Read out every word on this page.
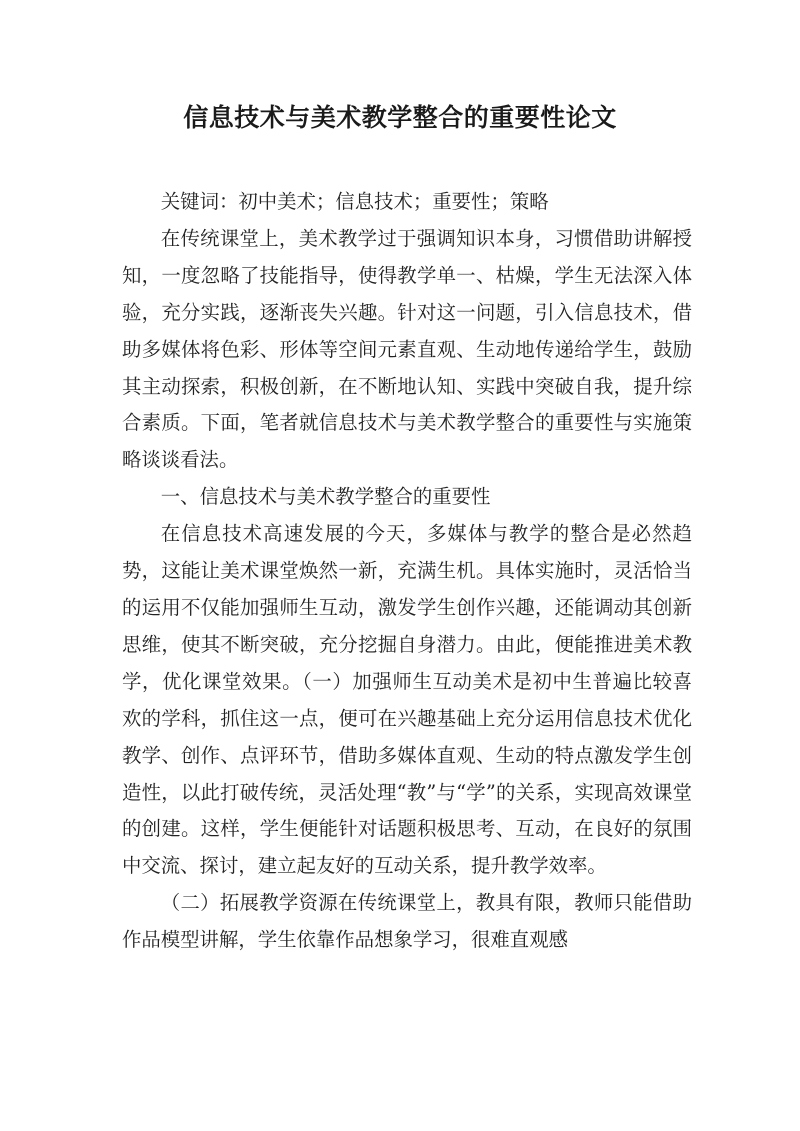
信息技术与美术教学整合的重要性论文

关键词：初中美术；信息技术；重要性；策略

在传统课堂上，美术教学过于强调知识本身，习惯借助讲解授知，一度忽略了技能指导，使得教学单一、枯燥，学生无法深入体验，充分实践，逐渐丧失兴趣。针对这一问题，引入信息技术，借助多媒体将色彩、形体等空间元素直观、生动地传递给学生，鼓励其主动探索，积极创新，在不断地认知、实践中突破自我，提升综合素质。下面，笔者就信息技术与美术教学整合的重要性与实施策略谈谈看法。

一、信息技术与美术教学整合的重要性

在信息技术高速发展的今天，多媒体与教学的整合是必然趋势，这能让美术课堂焕然一新，充满生机。具体实施时，灵活恰当的运用不仅能加强师生互动，激发学生创作兴趣，还能调动其创新思维，使其不断突破，充分挖掘自身潜力。由此，便能推进美术教学，优化课堂效果。（一）加强师生互动美术是初中生普遍比较喜欢的学科，抓住这一点，便可在兴趣基础上充分运用信息技术优化教学、创作、点评环节，借助多媒体直观、生动的特点激发学生创造性，以此打破传统，灵活处理“教”与“学”的关系，实现高效课堂的创建。这样，学生便能针对话题积极思考、互动，在良好的氛围中交流、探讨，建立起友好的互动关系，提升教学效率。

（二）拓展教学资源在传统课堂上，教具有限，教师只能借助作品模型讲解，学生依靠作品想象学习，很难直观感
